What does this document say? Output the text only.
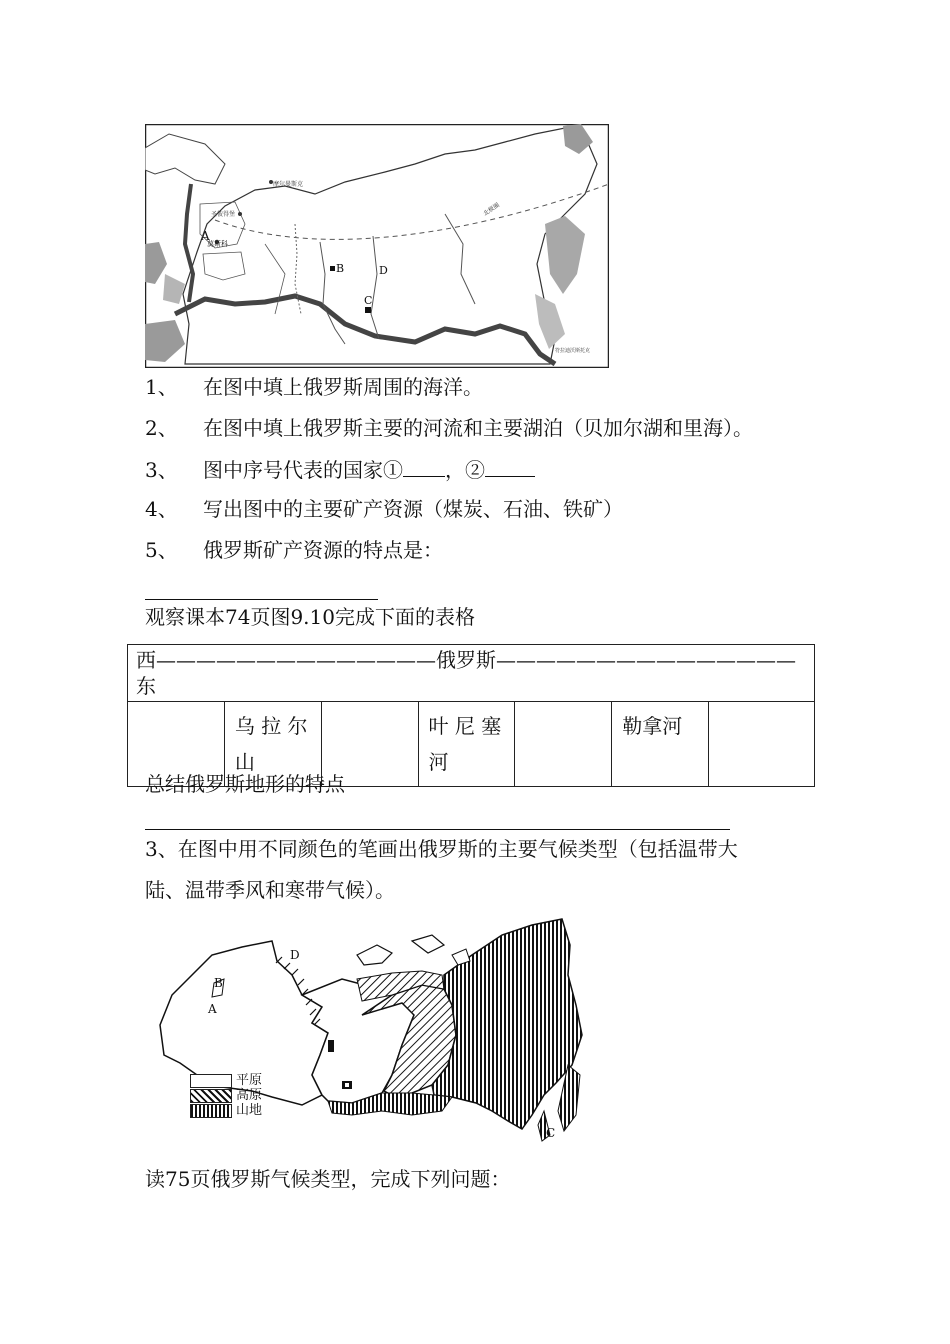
摩尔曼斯克
圣彼得堡
莫斯科
北极圈
符拉迪沃斯托克
A
B
C
D
1、 在图中填上俄罗斯周围的海洋。
2、 在图中填上俄罗斯主要的河流和主要湖泊（贝加尔湖和里海）。
3、 图中序号代表的国家① ，②
4、 写出图中的主要矿产资源（煤炭、石油、铁矿）
5、 俄罗斯矿产资源的特点是：
观察课本74页图9.10完成下面的表格
西——————————————俄罗斯———————————————东
	乌 拉 尔 山		叶 尼 塞 河		勒拿河	
总结俄罗斯地形的特点
3、在图中用不同颜色的笔画出俄罗斯的主要气候类型（包括温带大
陆、温带季风和寒带气候）。
D
B
A
C
平原
高原
山地
读75页俄罗斯气候类型，完成下列问题：
